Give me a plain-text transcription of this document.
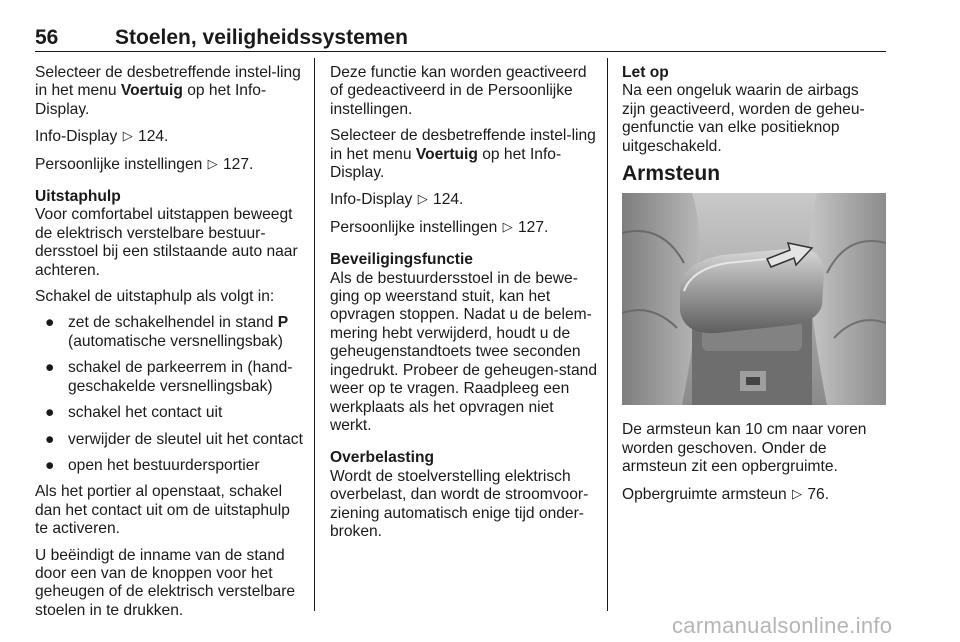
56	Stoelen, veiligheidssystemen

Selecteer de desbetreffende instel-ling in het menu Voertuig op het Info-Display.

Info-Display ▷ 124.

Persoonlijke instellingen ▷ 127.

Uitstaphulp
Voor comfortabel uitstappen beweegt de elektrisch verstelbare bestuur-dersstoel bij een stilstaande auto naar achteren.

Schakel de uitstaphulp als volgt in:

● zet de schakelhendel in stand P (automatische versnellingsbak)
● schakel de parkeerrem in (hand-geschakelde versnellingsbak)
● schakel het contact uit
● verwijder de sleutel uit het contact
● open het bestuurdersportier

Als het portier al openstaat, schakel dan het contact uit om de uitstaphulp te activeren.

U beëindigt de inname van de stand door een van de knoppen voor het geheugen of de elektrisch verstelbare stoelen in te drukken.

Deze functie kan worden geactiveerd of gedeactiveerd in de Persoonlijke instellingen.

Selecteer de desbetreffende instel-ling in het menu Voertuig op het Info-Display.

Info-Display ▷ 124.

Persoonlijke instellingen ▷ 127.

Beveiligingsfunctie
Als de bestuurdersstoel in de bewe-ging op weerstand stuit, kan het opvragen stoppen. Nadat u de belem-mering hebt verwijderd, houdt u de geheugenstandtoets twee seconden ingedrukt. Probeer de geheugen-stand weer op te vragen. Raadpleeg een werkplaats als het opvragen niet werkt.

Overbelasting
Wordt de stoelverstelling elektrisch overbelast, dan wordt de stroomvoor-ziening automatisch enige tijd onder-broken.

Let op
Na een ongeluk waarin de airbags zijn geactiveerd, worden de geheu-genfunctie van elke positieknop uitgeschakeld.

Armsteun

De armsteun kan 10 cm naar voren worden geschoven. Onder de armsteun zit een opbergruimte.

Opbergruimte armsteun ▷ 76.

carmanualsonline.info
